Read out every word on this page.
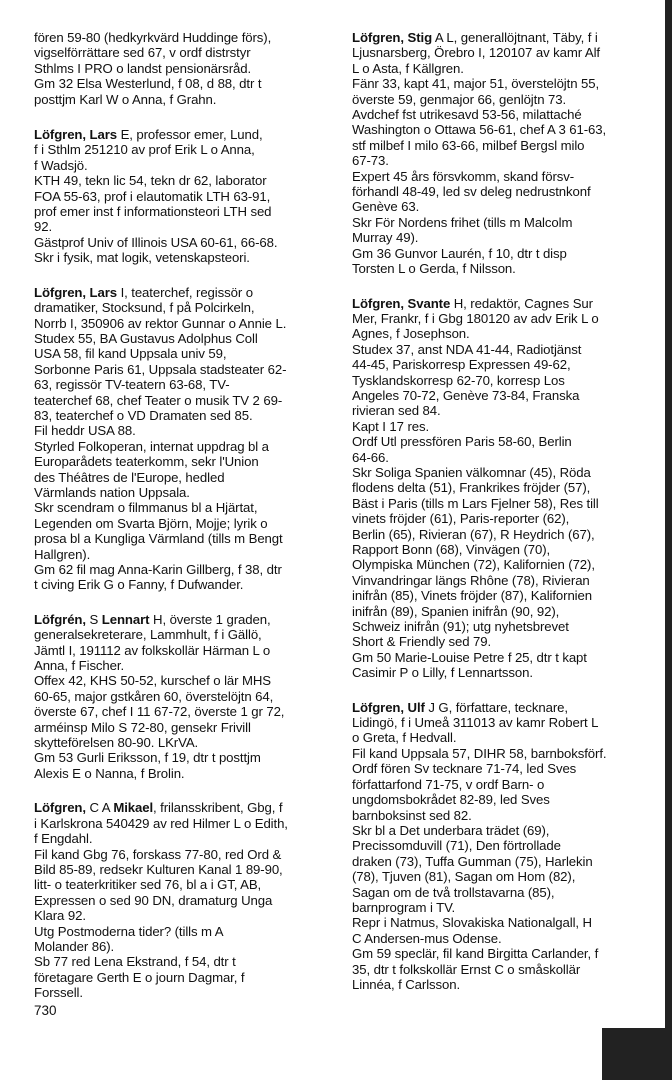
fören 59-80 (hedkyrkvärd Huddinge förs),

vigselförrättare sed 67, v ordf distrstyr

Sthlms I PRO o landst pensionärsråd.

Gm 32 Elsa Westerlund, f 08, d 88, dtr t

posttjm Karl W o Anna, f Grahn.

Löfgren, Lars E, professor emer, Lund,

f i Sthlm 251210 av prof Erik L o Anna,

f Wadsjö.

KTH 49, tekn lic 54, tekn dr 62, laborator

FOA 55-63, prof i elautomatik LTH 63-91,

prof emer inst f informationsteori LTH sed

92.

Gästprof Univ of Illinois USA 60-61, 66-68.

Skr i fysik, mat logik, vetenskapsteori.

Löfgren, Lars I, teaterchef, regissör o

dramatiker, Stocksund, f på Polcirkeln,

Norrb I, 350906 av rektor Gunnar o Annie L.

Studex 55, BA Gustavus Adolphus Coll

USA 58, fil kand Uppsala univ 59,

Sorbonne Paris 61, Uppsala stadsteater 62-

63, regissör TV-teatern 63-68, TV-

teaterchef 68, chef Teater o musik TV 2 69-

83, teaterchef o VD Dramaten sed 85.

Fil heddr USA 88.

Styrled Folkoperan, internat uppdrag bl a

Europarådets teaterkomm, sekr l'Union

des Théâtres de l'Europe, hedled

Värmlands nation Uppsala.

Skr scendram o filmmanus bl a Hjärtat,

Legenden om Svarta Björn, Mojje; lyrik o

prosa bl a Kungliga Värmland (tills m Bengt

Hallgren).

Gm 62 fil mag Anna-Karin Gillberg, f 38, dtr

t civing Erik G o Fanny, f Dufwander.

Löfgrén, S Lennart H, överste 1 graden,

generalsekreterare, Lammhult, f i Gällö,

Jämtl I, 191112 av folkskollär Härman L o

Anna, f Fischer.

Offex 42, KHS 50-52, kurschef o lär MHS

60-65, major gstkåren 60, överstelöjtn 64,

överste 67, chef I 11 67-72, överste 1 gr 72,

arméinsp Milo S 72-80, gensekr Frivill

skytteförelsen 80-90. LKrVA.

Gm 53 Gurli Eriksson, f 19, dtr t posttjm

Alexis E o Nanna, f Brolin.

Löfgren, C A Mikael, frilansskribent, Gbg, f

i Karlskrona 540429 av red Hilmer L o Edith,

f Engdahl.

Fil kand Gbg 76, forskass 77-80, red Ord &

Bild 85-89, redsekr Kulturen Kanal 1 89-90,

litt- o teaterkritiker sed 76, bl a i GT, AB,

Expressen o sed 90 DN, dramaturg Unga

Klara 92.

Utg Postmoderna tider? (tills m A

Molander 86).

Sb 77 red Lena Ekstrand, f 54, dtr t

företagare Gerth E o journ Dagmar, f

Forssell.

Löfgren, Stig A L, generallöjtnant, Täby, f i

Ljusnarsberg, Örebro I, 120107 av kamr Alf

L o Asta, f Källgren.

Fänr 33, kapt 41, major 51, överstelöjtn 55,

överste 59, genmajor 66, genlöjtn 73.

Avdchef fst utrikesavd 53-56, milattaché

Washington o Ottawa 56-61, chef A 3 61-63,

stf milbef I milo 63-66, milbef Bergsl milo

67-73.

Expert 45 års försvkomm, skand försv-

förhandl 48-49, led sv deleg nedrustnkonf

Genève 63.

Skr För Nordens frihet (tills m Malcolm

Murray 49).

Gm 36 Gunvor Laurén, f 10, dtr t disp

Torsten L o Gerda, f Nilsson.

Löfgren, Svante H, redaktör, Cagnes Sur

Mer, Frankr, f i Gbg 180120 av adv Erik L o

Agnes, f Josephson.

Studex 37, anst NDA 41-44, Radiotjänst

44-45, Pariskorresp Expressen 49-62,

Tysklandskorresp 62-70, korresp Los

Angeles 70-72, Genève 73-84, Franska

rivieran sed 84.

Kapt I 17 res.

Ordf Utl pressfören Paris 58-60, Berlin

64-66.

Skr Soliga Spanien välkomnar (45), Röda

flodens delta (51), Frankrikes fröjder (57),

Bäst i Paris (tills m Lars Fjelner 58), Res till

vinets fröjder (61), Paris-reporter (62),

Berlin (65), Rivieran (67), R Heydrich (67),

Rapport Bonn (68), Vinvägen (70),

Olympiska München (72), Kalifornien (72),

Vinvandringar längs Rhône (78), Rivieran

inifrån (85), Vinets fröjder (87), Kalifornien

inifrån (89), Spanien inifrån (90, 92),

Schweiz inifrån (91); utg nyhetsbrevet

Short & Friendly sed 79.

Gm 50 Marie-Louise Petre f 25, dtr t kapt

Casimir P o Lilly, f Lennartsson.

Löfgren, Ulf J G, författare, tecknare,

Lidingö, f i Umeå 311013 av kamr Robert L

o Greta, f Hedvall.

Fil kand Uppsala 57, DIHR 58, barnboksförf.

Ordf fören Sv tecknare 71-74, led Sves

författarfond 71-75, v ordf Barn- o

ungdomsbokrådet 82-89, led Sves

barnboksinst sed 82.

Skr bl a Det underbara trädet (69),

Precissomduvill (71), Den förtrollade

draken (73), Tuffa Gumman (75), Harlekin

(78), Tjuven (81), Sagan om Hom (82),

Sagan om de två trollstavarna (85),

barnprogram i TV.

Repr i Natmus, Slovakiska Nationalgall, H

C Andersen-mus Odense.

Gm 59 speclär, fil kand Birgitta Carlander, f

35, dtr t folkskollär Ernst C o småskollär

Linnéa, f Carlsson.

730
